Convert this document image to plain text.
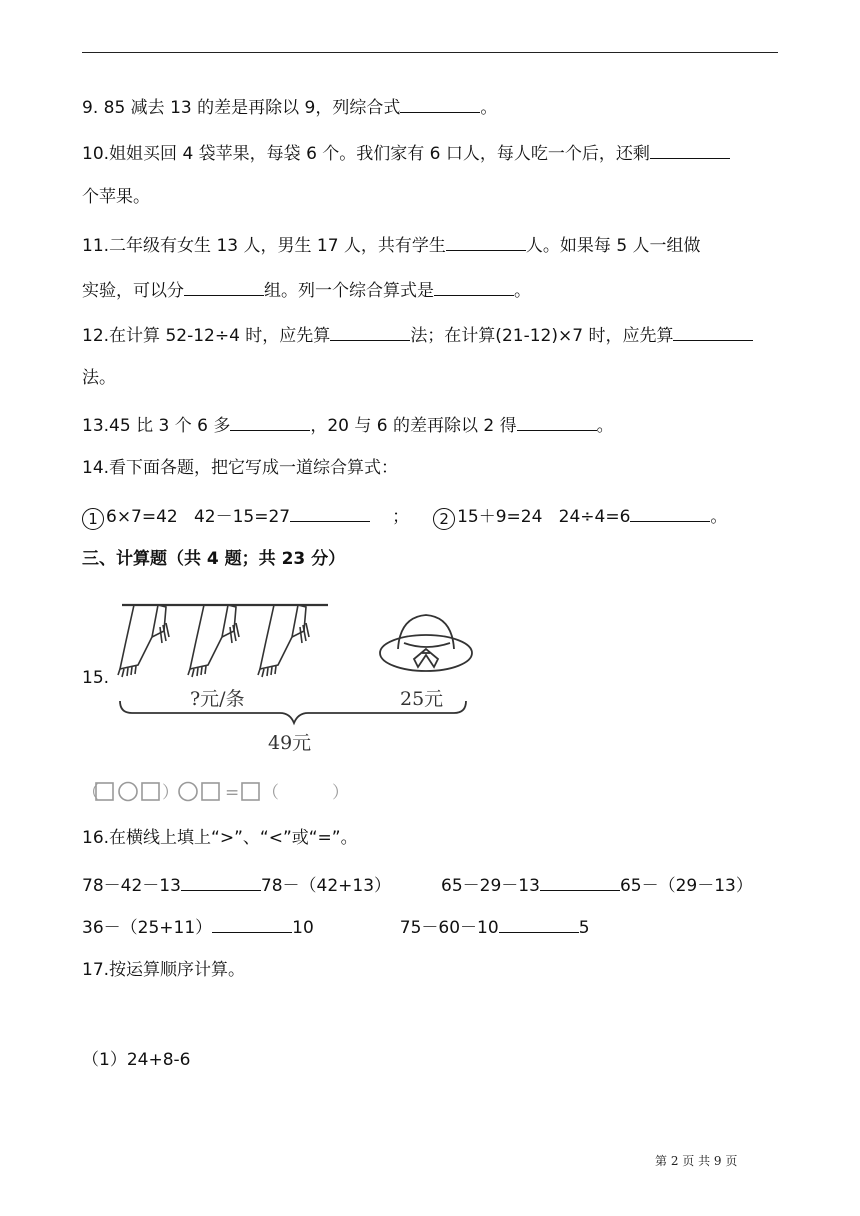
9. 85 减去 13 的差是再除以 9，列综合式	。
10.姐姐买回 4 袋苹果，每袋 6 个。我们家有 6 口人，每人吃一个后，还剩
个苹果。
11.二年级有女生 13 人，男生 17 人，共有学生	人。如果每 5 人一组做
实验，可以分	组。列一个综合算式是	。
12.在计算 52-12÷4 时，应先算	法；在计算(21-12)×7 时，应先算
法。
13.45 比 3 个 6 多	，20 与 6 的差再除以 2 得	。
14.看下面各题，把它写成一道综合算式：
1 6×7=42   42－15=27	； 2 15＋9=24   24÷4=6	。
三、计算题（共 4 题；共 23 分）
15.
?元/条	25元
49元
（	）	= （	）
16.在横线上填上“>”、“<”或“=”。
78－42－13	78－（42+13）	65－29－13	65－（29－13）
36－（25+11）	10	75－60－10	5
17.按运算顺序计算。
（1）24+8-6
第 2 页 共 9 页
